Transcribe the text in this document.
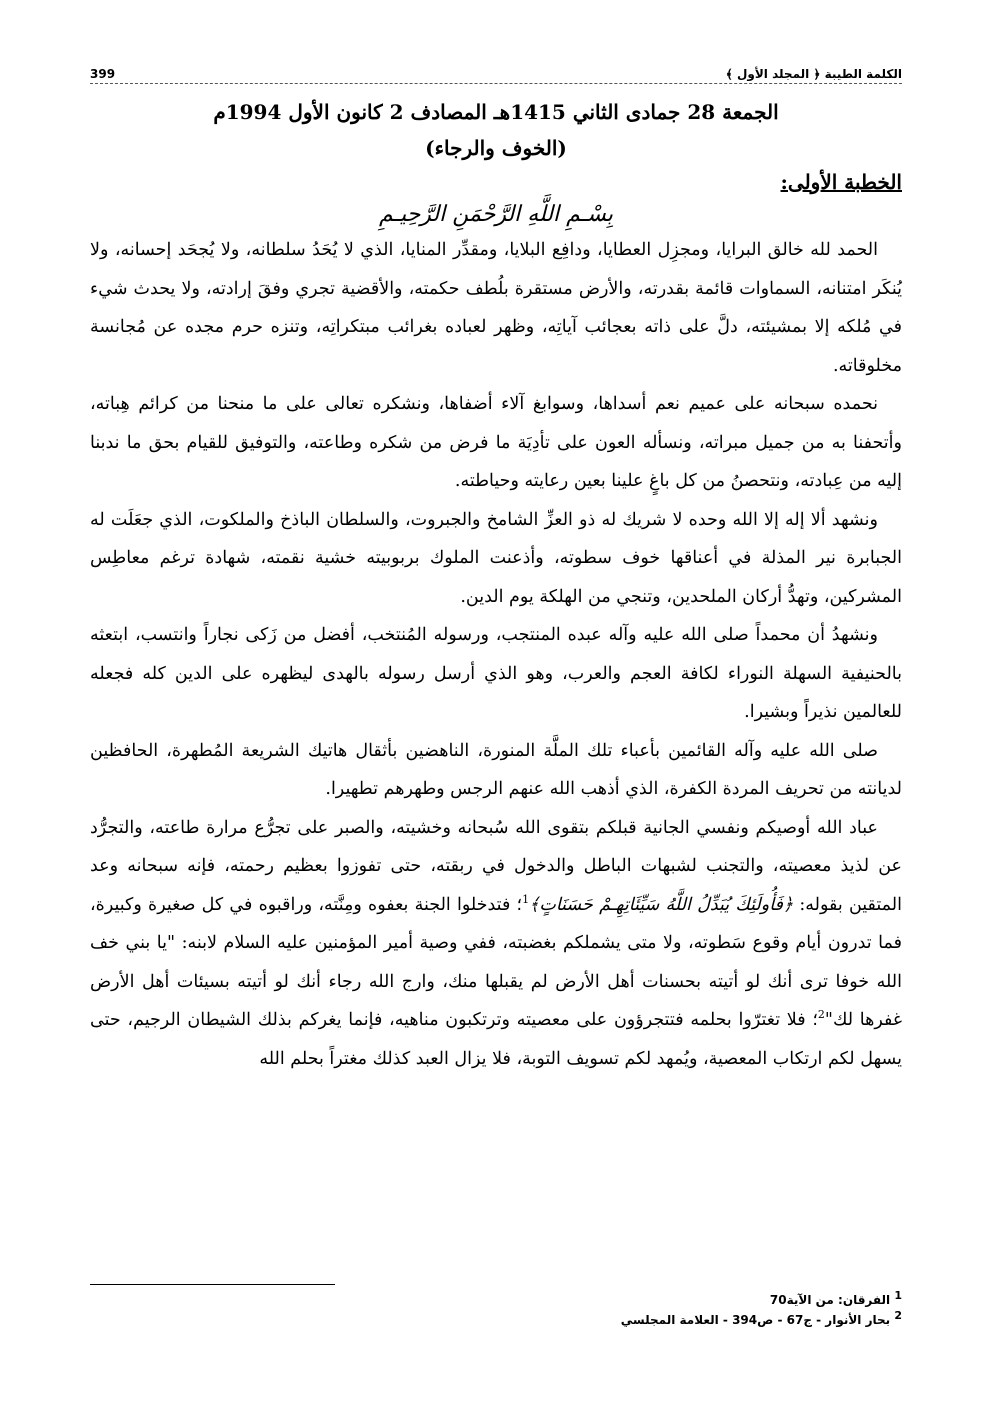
الكلمة الطيبة ﴿ المجلد الأول ﴾
399
الجمعة 28 جمادى الثاني 1415هـ المصادف 2 كانون الأول 1994م
(الخوف والرجاء)
الخطبة الأولى:
بِسْـمِ اللَّهِ الرَّحْمَنِ الرَّحِيـمِ

الحمد لله خالق البرايا، ومجزِل العطايا، ودافِع البلايا، ومقدِّر المنايا، الذي لا يُحَدُ سلطانه، ولا يُجحَد إحسانه، ولا يُنكَر امتنانه، السماوات قائمة بقدرته، والأرض مستقرة بلُطف حكمته، والأقضية تجري وفقَ إرادته، ولا يحدث شيء في مُلكه إلا بمشيئته، دلَّ على ذاته بعجائب آياتِه، وظهر لعباده بغرائب مبتكراتِه، وتنزه حرم مجده عن مُجانسة مخلوقاته.

نحمده سبحانه على عميم نعم أسداها، وسوابغ آلاء أضفاها، ونشكره تعالى على ما منحنا من كرائم هِباته، وأتحفنا به من جميل مبراته، ونسأله العون على تأدِيَة ما فرض من شكره وطاعته، والتوفيق للقيام بحق ما ندبنا إليه من عِبادته، ونتحصنُ من كل باغٍ علينا بعين رعايته وحياطته.

ونشهد ألا إله إلا الله وحده لا شريك له ذو العزِّ الشامخ والجبروت، والسلطان الباذخ والملكوت، الذي جعَلَت له الجبابرة نير المذلة في أعناقها خوف سطوته، وأذعنت الملوك بربوبيته خشية نقمته، شهادة ترغم معاطِس المشركين، وتهدُّ أركان الملحدين، وتنجي من الهلكة يوم الدين.

ونشهدُ أن محمداً صلى الله عليه وآله عبده المنتجب، ورسوله المُنتخب، أفضل من زَكى نجاراً وانتسب، ابتعثه بالحنيفية السهلة النوراء لكافة العجم والعرب، وهو الذي أرسل رسوله بالهدى ليظهره على الدين كله فجعله للعالمين نذيراً وبشيرا.

صلى الله عليه وآله القائمين بأعباء تلك الملَّة المنورة، الناهضين بأثقال هاتيك الشريعة المُطهرة، الحافظين لديانته من تحريف المردة الكفرة، الذي أذهب الله عنهم الرجس وطهرهم تطهيرا.

عباد الله أوصيكم ونفسي الجانية قبلكم بتقوى الله سُبحانه وخشيته، والصبر على تجرُّع مرارة طاعته، والتجرُّد عن لذيذ معصيته، والتجنب لشبهات الباطل والدخول في ربقته، حتى تفوزوا بعظيم رحمته، فإنه سبحانه وعد المتقين بقوله: ﴿فَأُولَئِكَ يُبَدِّلُ اللَّهُ سَيِّئَاتِهِـمْ حَسَنَاتٍ﴾$^1$؛ فتدخلوا الجنة بعفوه ومِنَّته، وراقبوه في كل صغيرة وكبيرة، فما تدرون أيام وقوع سَطوته، ولا متى يشملكم بغضبته، ففي وصية أمير المؤمنين عليه السلام لابنه: "يا بني خف الله خوفا ترى أنك لو أتيته بحسنات أهل الأرض لم يقبلها منك، وارج الله رجاء أنك لو أتيته بسيئات أهل الأرض غفرها لك"$^2$؛ فلا تغترّوا بحلمه فتتجرؤون على معصيته وترتكبون مناهيه، فإنما يغركم بذلك الشيطان الرجيم، حتى يسهل لكم ارتكاب المعصية، ويُمهد لكم تسويف التوبة، فلا يزال العبد كذلك مغتراً بحلم الله

$^1$ الفرقان: من الآية70
$^2$ بحار الأنوار - ج67 - ص394 - العلامة المجلسي
